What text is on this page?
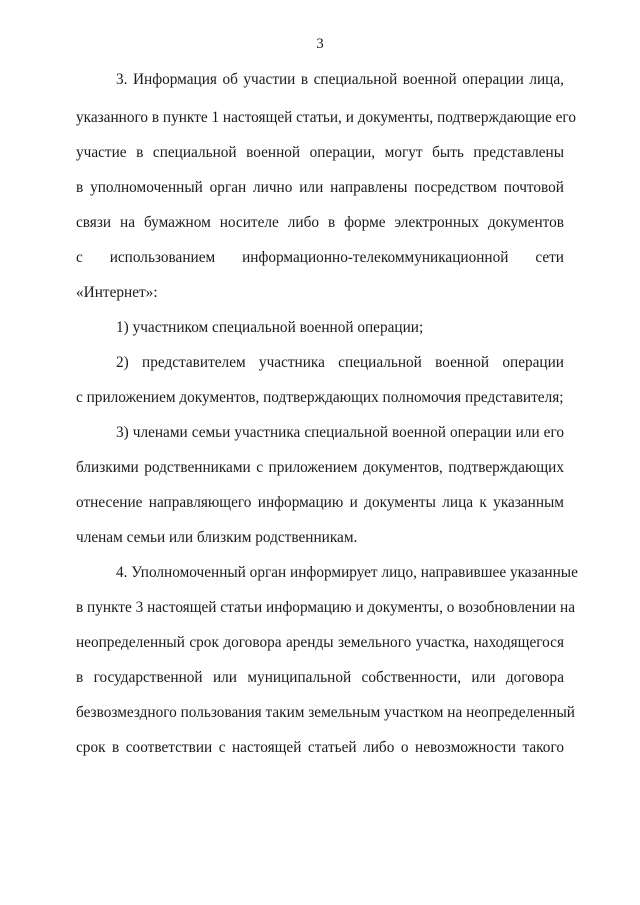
3
3. Информация об участии в специальной военной операции лица,
указанного в пункте 1 настоящей статьи, и документы, подтверждающие его
участие в специальной военной операции, могут быть представлены
в уполномоченный орган лично или направлены посредством почтовой
связи на бумажном носителе либо в форме электронных документов
с использованием информационно-телекоммуникационной сети
«Интернет»:
1) участником специальной военной операции;
2) представителем участника специальной военной операции
с приложением документов, подтверждающих полномочия представителя;
3) членами семьи участника специальной военной операции или его
близкими родственниками с приложением документов, подтверждающих
отнесение направляющего информацию и документы лица к указанным
членам семьи или близким родственникам.
4. Уполномоченный орган информирует лицо, направившее указанные
в пункте 3 настоящей статьи информацию и документы, о возобновлении на
неопределенный срок договора аренды земельного участка, находящегося
в государственной или муниципальной собственности, или договора
безвозмездного пользования таким земельным участком на неопределенный
срок в соответствии с настоящей статьей либо о невозможности такого
